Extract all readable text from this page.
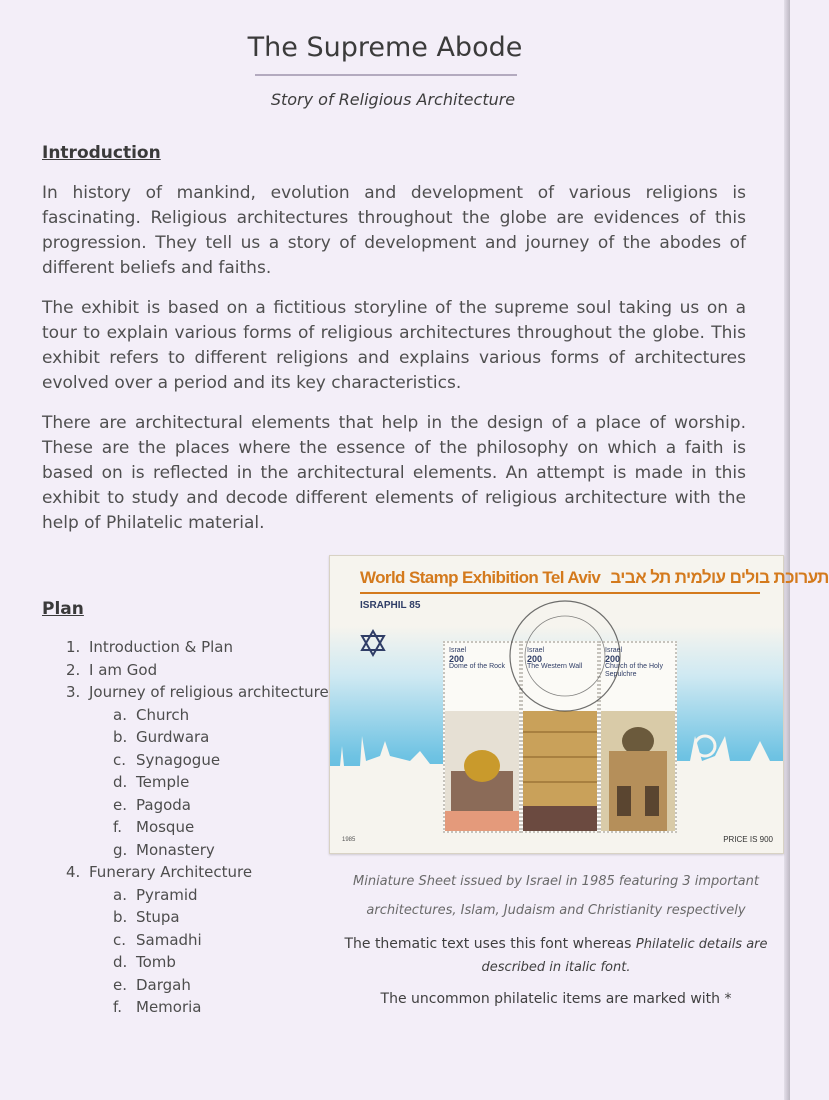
The Supreme Abode
Story of Religious Architecture
Introduction

In history of mankind, evolution and development of various religions is fascinating. Religious architectures throughout the globe are evidences of this progression. They tell us a story of development and journey of the abodes of different beliefs and faiths.

The exhibit is based on a fictitious storyline of the supreme soul taking us on a tour to explain various forms of religious architectures throughout the globe. This exhibit refers to different religions and explains various forms of architectures evolved over a period and its key characteristics.

There are architectural elements that help in the design of a place of worship. These are the places where the essence of the philosophy on which a faith is based on is reflected in the architectural elements. An attempt is made in this exhibit to study and decode different elements of religious architecture with the help of Philatelic material.

Plan
1. Introduction & Plan
2. I am God
3. Journey of religious architecture
a. Church
b. Gurdwara
c. Synagogue
d. Temple
e. Pagoda
f. Mosque
g. Monastery
4. Funerary Architecture
a. Pyramid
b. Stupa
c. Samadhi
d. Tomb
e. Dargah
f. Memoria
World Stamp Exhibition Tel Aviv תערוכת בולים עולמית תל אביב
ISRAPHIL 85
Israel
200
Dome of the Rock
Israel
200
The Western Wall
Israel
200
Church of the Holy Sepulchre
1985	PRICE IS 900
Miniature Sheet issued by Israel in 1985 featuring 3 important
architectures, Islam, Judaism and Christianity respectively
The thematic text uses this font whereas Philatelic details are described in italic font.
The uncommon philatelic items are marked with *
